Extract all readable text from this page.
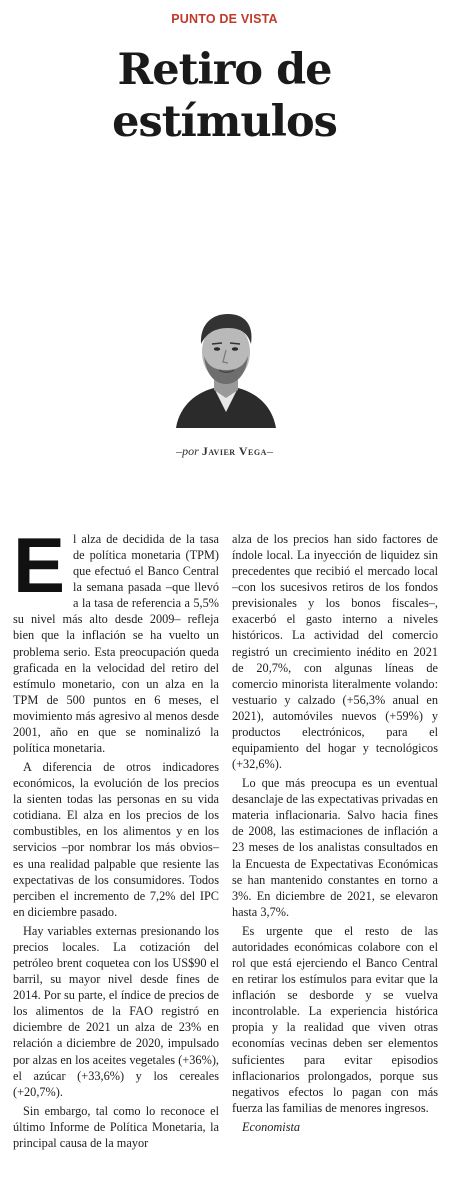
PUNTO DE VISTA
Retiro de
estímulos
–por Javier Vega–

El alza de decidida de la tasa de política monetaria (TPM) que efectuó el Banco Central la semana pasada –que llevó a la tasa de referencia a 5,5% su nivel más alto desde 2009– refleja bien que la inflación se ha vuelto un problema serio. Esta preocupación queda graficada en la velocidad del retiro del estímulo monetario, con un alza en la TPM de 500 puntos en 6 meses, el movimiento más agresivo al menos desde 2001, año en que se nominalizó la política monetaria.

A diferencia de otros indicadores económicos, la evolución de los precios la sienten todas las personas en su vida cotidiana. El alza en los precios de los combustibles, en los alimentos y en los servicios –por nombrar los más obvios– es una realidad palpable que resiente las expectativas de los consumidores. Todos perciben el incremento de 7,2% del IPC en diciembre pasado.

Hay variables externas presionando los precios locales. La cotización del petróleo brent coquetea con los US$90 el barril, su mayor nivel desde fines de 2014. Por su parte, el índice de precios de los alimentos de la FAO registró en diciembre de 2021 un alza de 23% en relación a diciembre de 2020, impulsado por alzas en los aceites vegetales (+36%), el azúcar (+33,6%) y los cereales (+20,7%).

Sin embargo, tal como lo reconoce el último Informe de Política Monetaria, la principal causa de la mayor

alza de los precios han sido factores de índole local. La inyección de liquidez sin precedentes que recibió el mercado local –con los sucesivos retiros de los fondos previsionales y los bonos fiscales–, exacerbó el gasto interno a niveles históricos. La actividad del comercio registró un crecimiento inédito en 2021 de 20,7%, con algunas líneas de comercio minorista literalmente volando: vestuario y calzado (+56,3% anual en 2021), automóviles nuevos (+59%) y productos electrónicos, para el equipamiento del hogar y tecnológicos (+32,6%).

Lo que más preocupa es un eventual desanclaje de las expectativas privadas en materia inflacionaria. Salvo hacia fines de 2008, las estimaciones de inflación a 23 meses de los analistas consultados en la Encuesta de Expectativas Económicas se han mantenido constantes en torno a 3%. En diciembre de 2021, se elevaron hasta 3,7%.

Es urgente que el resto de las autoridades económicas colabore con el rol que está ejerciendo el Banco Central en retirar los estímulos para evitar que la inflación se desborde y se vuelva incontrolable. La experiencia histórica propia y la realidad que viven otras economías vecinas deben ser elementos suficientes para evitar episodios inflacionarios prolongados, porque sus negativos efectos lo pagan con más fuerza las familias de menores ingresos.

Economista
